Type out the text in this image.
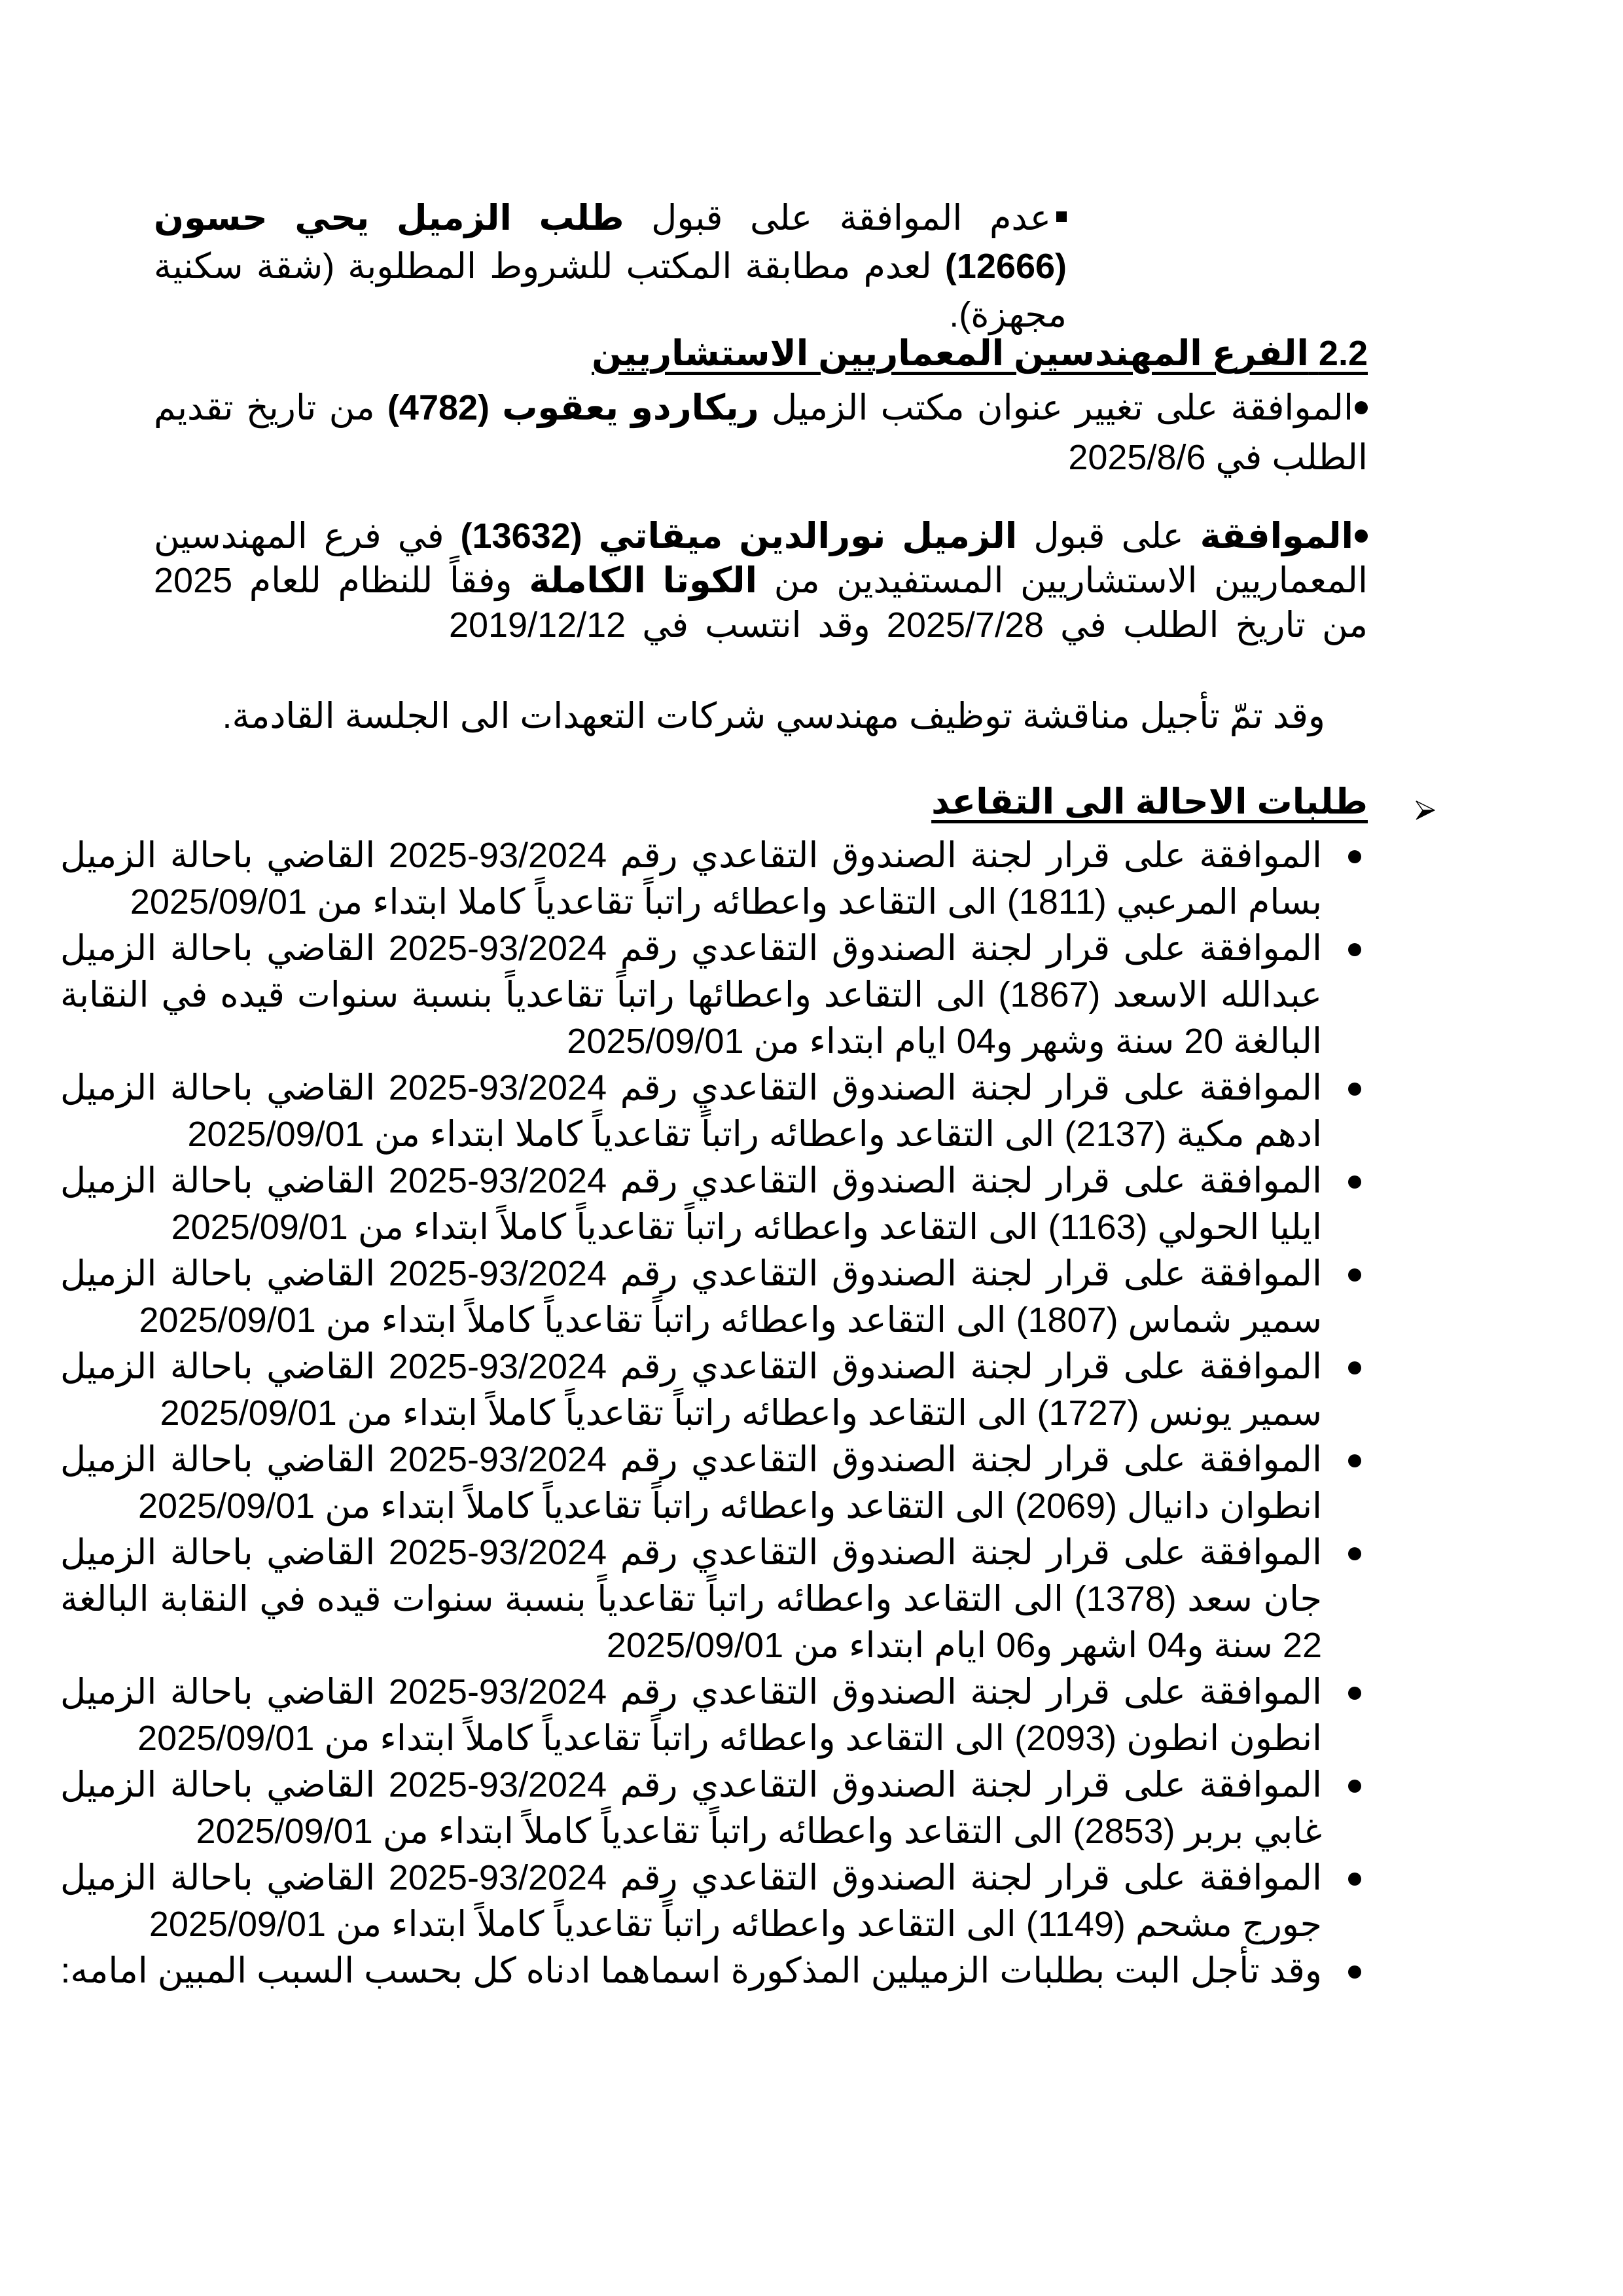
عدم الموافقة على قبول طلب الزميل يحي حسون (12666) لعدم مطابقة المكتب للشروط المطلوبة (شقة سكنية مجهزة).
2.2 الفرع المهندسين المعماريين الاستشاريين
الموافقة على تغيير عنوان مكتب الزميل ريكاردو يعقوب (4782) من تاريخ تقديم الطلب في 2025/8/6
الموافقة على قبول الزميل نورالدين ميقاتي (13632) في فرع المهندسين المعماريين الاستشاريين المستفيدين من الكوتا الكاملة وفقاً للنظام للعام 2025 من تاريخ الطلب في 2025/7/28 وقد انتسب في 2019/12/12
وقد تمّ تأجيل مناقشة توظيف مهندسي شركات التعهدات الى الجلسة القادمة.
طلبات الاحالة الى التقاعد
الموافقة على قرار لجنة الصندوق التقاعدي رقم 93/2024-2025 القاضي باحالة الزميل بسام المرعبي (1811) الى التقاعد واعطائه راتباً تقاعدياً كاملا ابتداء من 2025/09/01
الموافقة على قرار لجنة الصندوق التقاعدي رقم 93/2024-2025 القاضي باحالة الزميل عبدالله الاسعد (1867) الى التقاعد واعطائها راتباً تقاعدياً بنسبة سنوات قيده في النقابة البالغة 20 سنة وشهر و04 ايام ابتداء من 2025/09/01
الموافقة على قرار لجنة الصندوق التقاعدي رقم 93/2024-2025 القاضي باحالة الزميل ادهم مكية (2137) الى التقاعد واعطائه راتباً تقاعدياً كاملا ابتداء من 2025/09/01
الموافقة على قرار لجنة الصندوق التقاعدي رقم 93/2024-2025 القاضي باحالة الزميل ايليا الحولي (1163) الى التقاعد واعطائه راتباً تقاعدياً كاملاً ابتداء من 2025/09/01
الموافقة على قرار لجنة الصندوق التقاعدي رقم 93/2024-2025 القاضي باحالة الزميل سمير شماس (1807) الى التقاعد واعطائه راتباً تقاعدياً كاملاً ابتداء من 2025/09/01
الموافقة على قرار لجنة الصندوق التقاعدي رقم 93/2024-2025 القاضي باحالة الزميل سمير يونس (1727) الى التقاعد واعطائه راتباً تقاعدياً كاملاً ابتداء من 2025/09/01
الموافقة على قرار لجنة الصندوق التقاعدي رقم 93/2024-2025 القاضي باحالة الزميل انطوان دانيال (2069) الى التقاعد واعطائه راتباً تقاعدياً كاملاً ابتداء من 2025/09/01
الموافقة على قرار لجنة الصندوق التقاعدي رقم 93/2024-2025 القاضي باحالة الزميل جان سعد (1378) الى التقاعد واعطائه راتباً تقاعدياً بنسبة سنوات قيده في النقابة البالغة 22 سنة و04 اشهر و06 ايام ابتداء من 2025/09/01
الموافقة على قرار لجنة الصندوق التقاعدي رقم 93/2024-2025 القاضي باحالة الزميل انطون انطون (2093) الى التقاعد واعطائه راتباً تقاعدياً كاملاً ابتداء من 2025/09/01
الموافقة على قرار لجنة الصندوق التقاعدي رقم 93/2024-2025 القاضي باحالة الزميل غابي بربر (2853) الى التقاعد واعطائه راتباً تقاعدياً كاملاً ابتداء من 2025/09/01
الموافقة على قرار لجنة الصندوق التقاعدي رقم 93/2024-2025 القاضي باحالة الزميل جورج مشحم (1149) الى التقاعد واعطائه راتباً تقاعدياً كاملاً ابتداء من 2025/09/01
وقد تأجل البت بطلبات الزميلين المذكورة اسماهما ادناه كل بحسب السبب المبين امامه:
